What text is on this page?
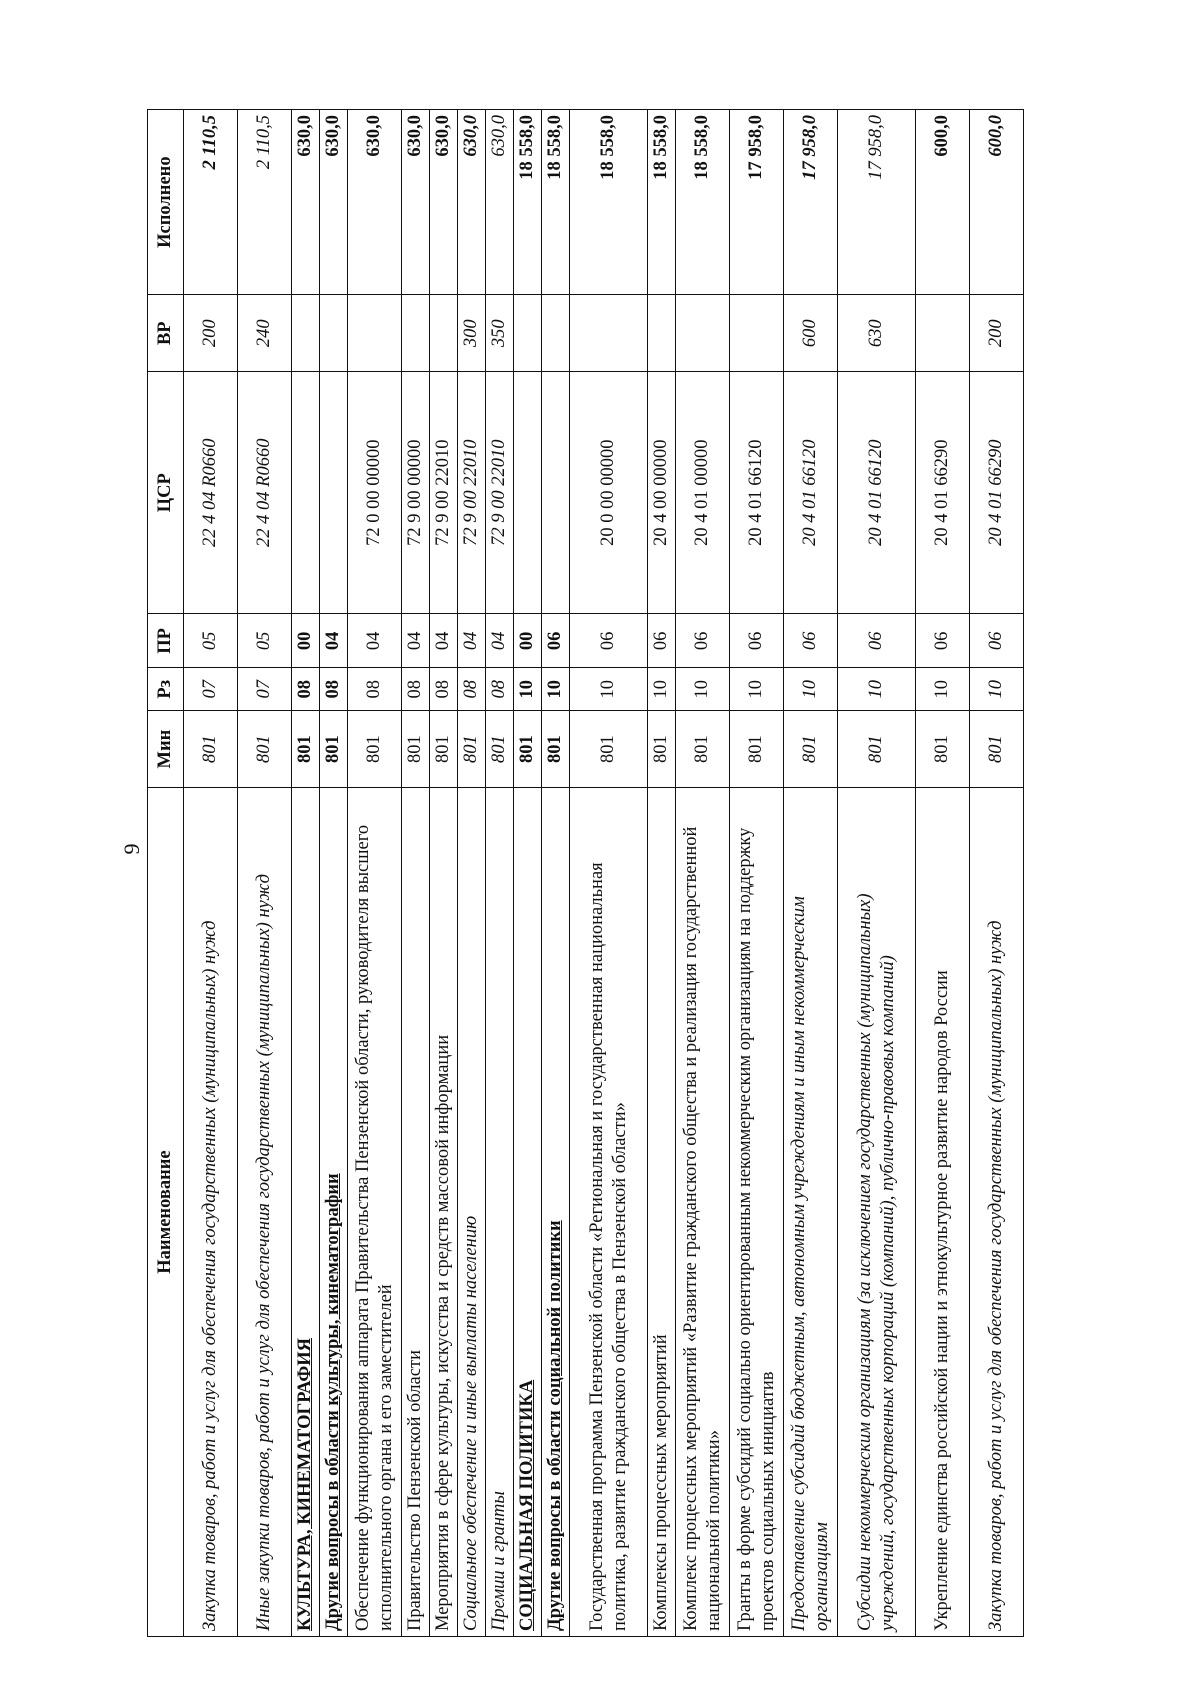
9
Наименование	Мин	Рз	ПР	ЦСР	ВР	Исполнено
Закупка товаров, работ и услуг для обеспечения государственных (муниципальных) нужд	801	07	05	22 4 04 R0660	200	2 110,5
Иные закупки товаров, работ и услуг для обеспечения государственных (муниципальных) нужд	801	07	05	22 4 04 R0660	240	2 110,5
КУЛЬТУРА, КИНЕМАТОГРАФИЯ	801	08	00			630,0
Другие вопросы в области культуры, кинематографии	801	08	04			630,0
Обеспечение функционирования аппарата Правительства Пензенской области, руководителя высшего исполнительного органа и его заместителей	801	08	04	72 0 00 00000		630,0
Правительство Пензенской области	801	08	04	72 9 00 00000		630,0
Мероприятия в сфере культуры, искусства и средств массовой информации	801	08	04	72 9 00 22010		630,0
Социальное обеспечение и иные выплаты населению	801	08	04	72 9 00 22010	300	630,0
Премии и гранты	801	08	04	72 9 00 22010	350	630,0
СОЦИАЛЬНАЯ ПОЛИТИКА	801	10	00			18 558,0
Другие вопросы в области социальной политики	801	10	06			18 558,0
Государственная программа Пензенской области «Региональная и государственная национальная политика, развитие гражданского общества в Пензенской области»	801	10	06	20 0 00 00000		18 558,0
Комплексы процессных мероприятий	801	10	06	20 4 00 00000		18 558,0
Комплекс процессных мероприятий «Развитие гражданского общества и реализация государственной национальной политики»	801	10	06	20 4 01 00000		18 558,0
Гранты в форме субсидий социально ориентированным некоммерческим организациям на поддержку проектов социальных инициатив	801	10	06	20 4 01 66120		17 958,0
Предоставление субсидий бюджетным, автономным учреждениям и иным некоммерческим организациям	801	10	06	20 4 01 66120	600	17 958,0
Субсидии некоммерческим организациям (за исключением государственных (муниципальных) учреждений, государственных корпораций (компаний), публично-правовых компаний)	801	10	06	20 4 01 66120	630	17 958,0
Укрепление единства российской нации и этнокультурное развитие народов России	801	10	06	20 4 01 66290		600,0
Закупка товаров, работ и услуг для обеспечения государственных (муниципальных) нужд	801	10	06	20 4 01 66290	200	600,0
